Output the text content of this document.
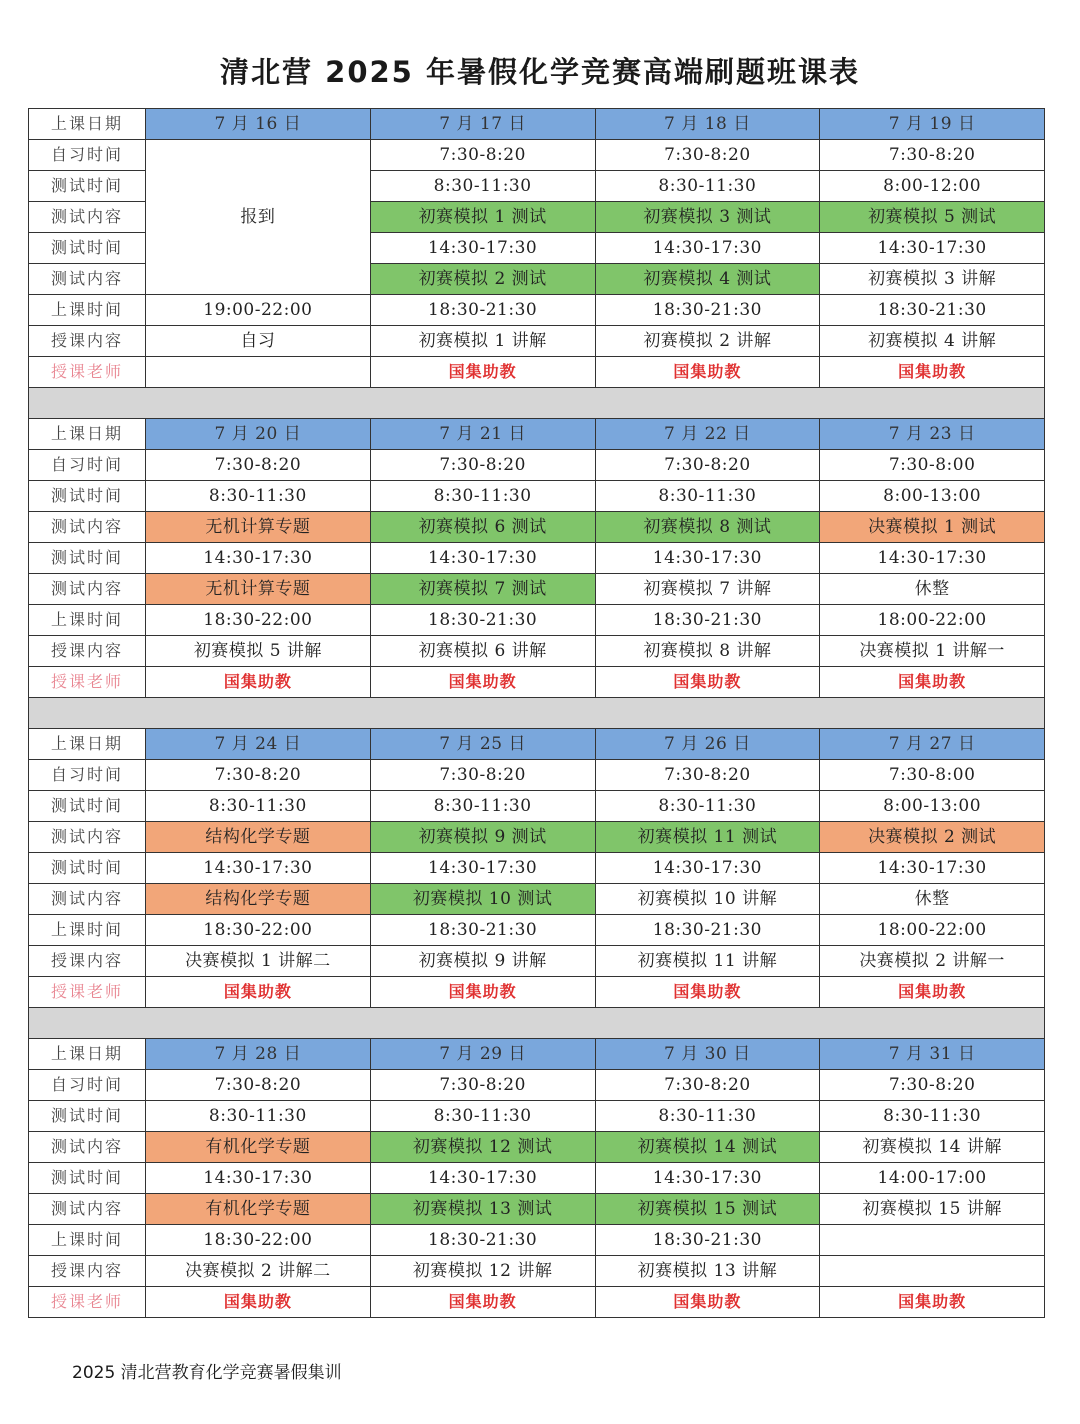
清北营 2025 年暑假化学竞赛高端刷题班课表
上课日期	7 月 16 日	7 月 17 日	7 月 18 日	7 月 19 日
自习时间	报到	7:30-8:20	7:30-8:20	7:30-8:20
测试时间		8:30-11:30	8:30-11:30	8:00-12:00
测试内容		初赛模拟 1 测试	初赛模拟 3 测试	初赛模拟 5 测试
测试时间		14:30-17:30	14:30-17:30	14:30-17:30
测试内容		初赛模拟 2 测试	初赛模拟 4 测试	初赛模拟 3 讲解
上课时间	19:00-22:00	18:30-21:30	18:30-21:30	18:30-21:30
授课内容	自习	初赛模拟 1 讲解	初赛模拟 2 讲解	初赛模拟 4 讲解
授课老师		国集助教	国集助教	国集助教

上课日期	7 月 20 日	7 月 21 日	7 月 22 日	7 月 23 日
自习时间	7:30-8:20	7:30-8:20	7:30-8:20	7:30-8:00
测试时间	8:30-11:30	8:30-11:30	8:30-11:30	8:00-13:00
测试内容	无机计算专题	初赛模拟 6 测试	初赛模拟 8 测试	决赛模拟 1 测试
测试时间	14:30-17:30	14:30-17:30	14:30-17:30	14:30-17:30
测试内容	无机计算专题	初赛模拟 7 测试	初赛模拟 7 讲解	休整
上课时间	18:30-22:00	18:30-21:30	18:30-21:30	18:00-22:00
授课内容	初赛模拟 5 讲解	初赛模拟 6 讲解	初赛模拟 8 讲解	决赛模拟 1 讲解一
授课老师	国集助教	国集助教	国集助教	国集助教

上课日期	7 月 24 日	7 月 25 日	7 月 26 日	7 月 27 日
自习时间	7:30-8:20	7:30-8:20	7:30-8:20	7:30-8:00
测试时间	8:30-11:30	8:30-11:30	8:30-11:30	8:00-13:00
测试内容	结构化学专题	初赛模拟 9 测试	初赛模拟 11 测试	决赛模拟 2 测试
测试时间	14:30-17:30	14:30-17:30	14:30-17:30	14:30-17:30
测试内容	结构化学专题	初赛模拟 10 测试	初赛模拟 10 讲解	休整
上课时间	18:30-22:00	18:30-21:30	18:30-21:30	18:00-22:00
授课内容	决赛模拟 1 讲解二	初赛模拟 9 讲解	初赛模拟 11 讲解	决赛模拟 2 讲解一
授课老师	国集助教	国集助教	国集助教	国集助教

上课日期	7 月 28 日	7 月 29 日	7 月 30 日	7 月 31 日
自习时间	7:30-8:20	7:30-8:20	7:30-8:20	7:30-8:20
测试时间	8:30-11:30	8:30-11:30	8:30-11:30	8:30-11:30
测试内容	有机化学专题	初赛模拟 12 测试	初赛模拟 14 测试	初赛模拟 14 讲解
测试时间	14:30-17:30	14:30-17:30	14:30-17:30	14:00-17:00
测试内容	有机化学专题	初赛模拟 13 测试	初赛模拟 15 测试	初赛模拟 15 讲解
上课时间	18:30-22:00	18:30-21:30	18:30-21:30	
授课内容	决赛模拟 2 讲解二	初赛模拟 12 讲解	初赛模拟 13 讲解	
授课老师	国集助教	国集助教	国集助教	国集助教
2025 清北营教育化学竞赛暑假集训
